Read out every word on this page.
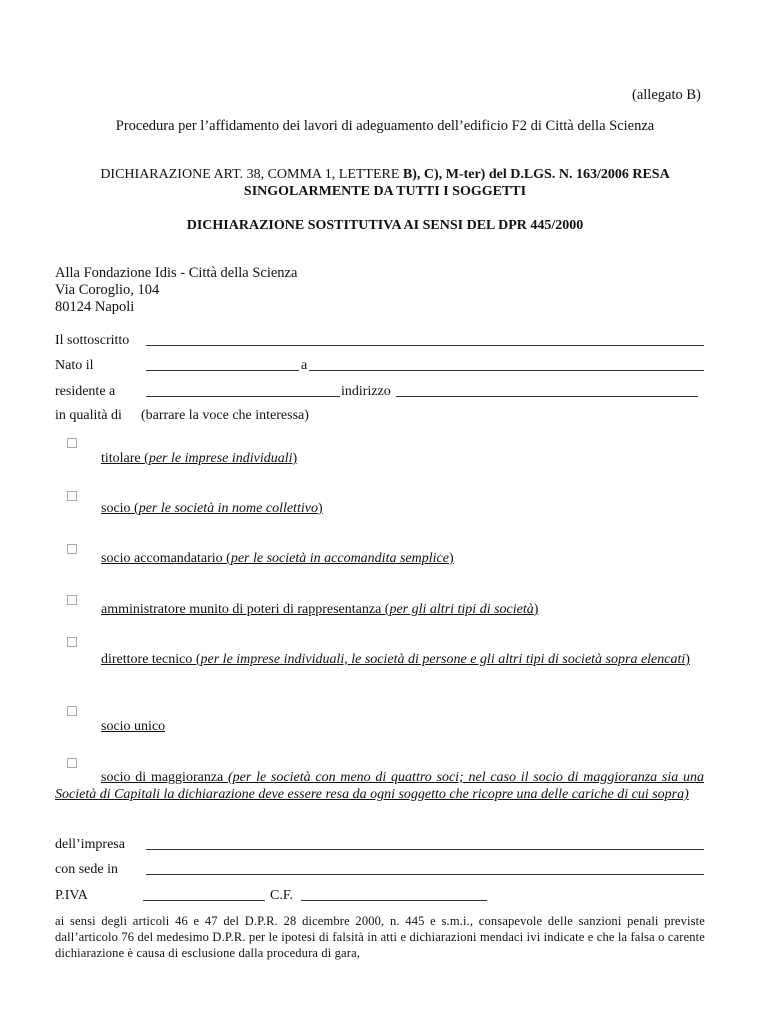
(allegato B)
Procedura per l’affidamento dei lavori di adeguamento dell’edificio F2 di Città della Scienza
DICHIARAZIONE ART. 38, COMMA 1, LETTERE B), C), M-ter) del D.LGS. N. 163/2006 RESA
SINGOLARMENTE DA TUTTI I SOGGETTI
DICHIARAZIONE SOSTITUTIVA AI SENSI DEL DPR 445/2000
Alla Fondazione Idis - Città della Scienza
Via Coroglio, 104
80124 Napoli
Il sottoscritto
Nato il	a
residente a	indirizzo
in qualità di (barrare la voce che interessa)
titolare (per le imprese individuali)
socio (per le società in nome collettivo)
socio accomandatario (per le società in accomandita semplice)
amministratore munito di poteri di rappresentanza (per gli altri tipi di società)
direttore tecnico (per le imprese individuali, le società di persone e gli altri tipi di società sopra elencati)
socio unico
socio di maggioranza (per le società con meno di quattro soci; nel caso il socio di maggioranza sia una Società di Capitali la dichiarazione deve essere resa da ogni soggetto che ricopre una delle cariche di cui sopra)
dell’impresa
con sede in
P.IVA	C.F.
ai sensi degli articoli 46 e 47 del D.P.R. 28 dicembre 2000, n. 445 e s.m.i., consapevole delle sanzioni penali previste dall’articolo 76 del medesimo D.P.R. per le ipotesi di falsità in atti e dichiarazioni mendaci ivi indicate e che la falsa o carente dichiarazione è causa di esclusione dalla procedura di gara,
